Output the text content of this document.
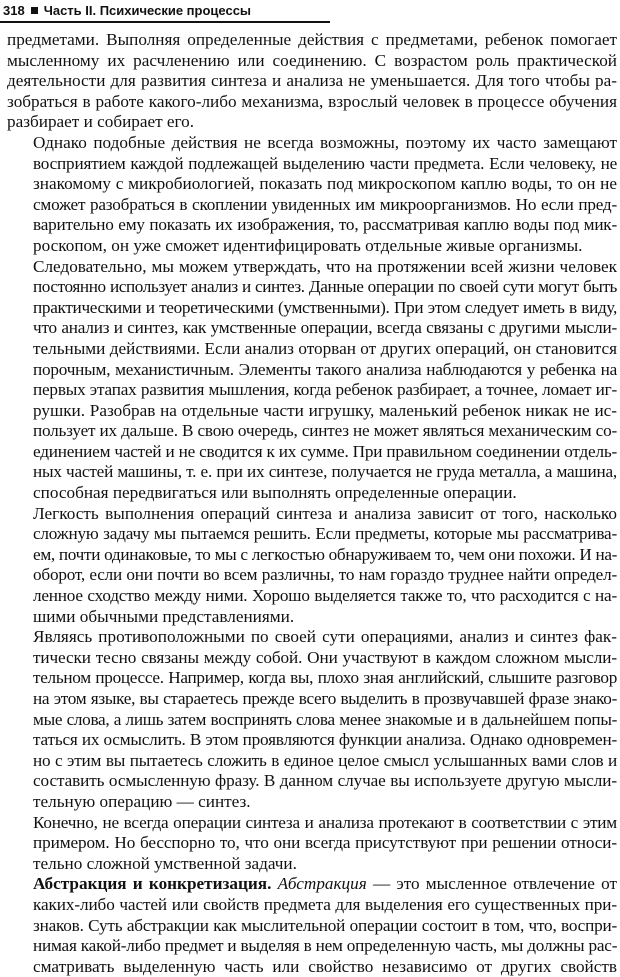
318 Часть II. Психические процессы

предметами. Выполняя определенные действия с предметами, ребенок помогает
мысленному их расчленению или соединению. С возрастом роль практической
деятельности для развития синтеза и анализа не уменьшается. Для того чтобы ра-
зобраться в работе какого-либо механизма, взрослый человек в процессе обучения
разбирает и собирает его.

Однако подобные действия не всегда возможны, поэтому их часто замещают
восприятием каждой подлежащей выделению части предмета. Если человеку, не
знакомому с микробиологией, показать под микроскопом каплю воды, то он не
сможет разобраться в скоплении увиденных им микроорганизмов. Но если пред-
варительно ему показать их изображения, то, рассматривая каплю воды под мик-
роскопом, он уже сможет идентифицировать отдельные живые организмы.

Следовательно, мы можем утверждать, что на протяжении всей жизни человек
постоянно использует анализ и синтез. Данные операции по своей сути могут быть
практическими и теоретическими (умственными). При этом следует иметь в виду,
что анализ и синтез, как умственные операции, всегда связаны с другими мысли-
тельными действиями. Если анализ оторван от других операций, он становится
порочным, механистичным. Элементы такого анализа наблюдаются у ребенка на
первых этапах развития мышления, когда ребенок разбирает, а точнее, ломает иг-
рушки. Разобрав на отдельные части игрушку, маленький ребенок никак не ис-
пользует их дальше. В свою очередь, синтез не может являться механическим со-
единением частей и не сводится к их сумме. При правильном соединении отдель-
ных частей машины, т. е. при их синтезе, получается не груда металла, а машина,
способная передвигаться или выполнять определенные операции.

Легкость выполнения операций синтеза и анализа зависит от того, насколько
сложную задачу мы пытаемся решить. Если предметы, которые мы рассматрива-
ем, почти одинаковые, то мы с легкостью обнаруживаем то, чем они похожи. И на-
оборот, если они почти во всем различны, то нам гораздо труднее найти определ-
ленное сходство между ними. Хорошо выделяется также то, что расходится с на-
шими обычными представлениями.

Являясь противоположными по своей сути операциями, анализ и синтез фак-
тически тесно связаны между собой. Они участвуют в каждом сложном мысли-
тельном процессе. Например, когда вы, плохо зная английский, слышите разговор
на этом языке, вы стараетесь прежде всего выделить в прозвучавшей фразе знако-
мые слова, а лишь затем воспринять слова менее знакомые и в дальнейшем попы-
таться их осмыслить. В этом проявляются функции анализа. Однако одновремен-
но с этим вы пытаетесь сложить в единое целое смысл услышанных вами слов и
составить осмысленную фразу. В данном случае вы используете другую мысли-
тельную операцию — синтез.

Конечно, не всегда операции синтеза и анализа протекают в соответствии с этим
примером. Но бесспорно то, что они всегда присутствуют при решении относи-
тельно сложной умственной задачи.

Абстракция и конкретизация. Абстракция — это мысленное отвлечение от
каких-либо частей или свойств предмета для выделения его существенных при-
знаков. Суть абстракции как мыслительной операции состоит в том, что, воспри-
нимая какой-либо предмет и выделяя в нем определенную часть, мы должны рас-
сматривать выделенную часть или свойство независимо от других свойств
